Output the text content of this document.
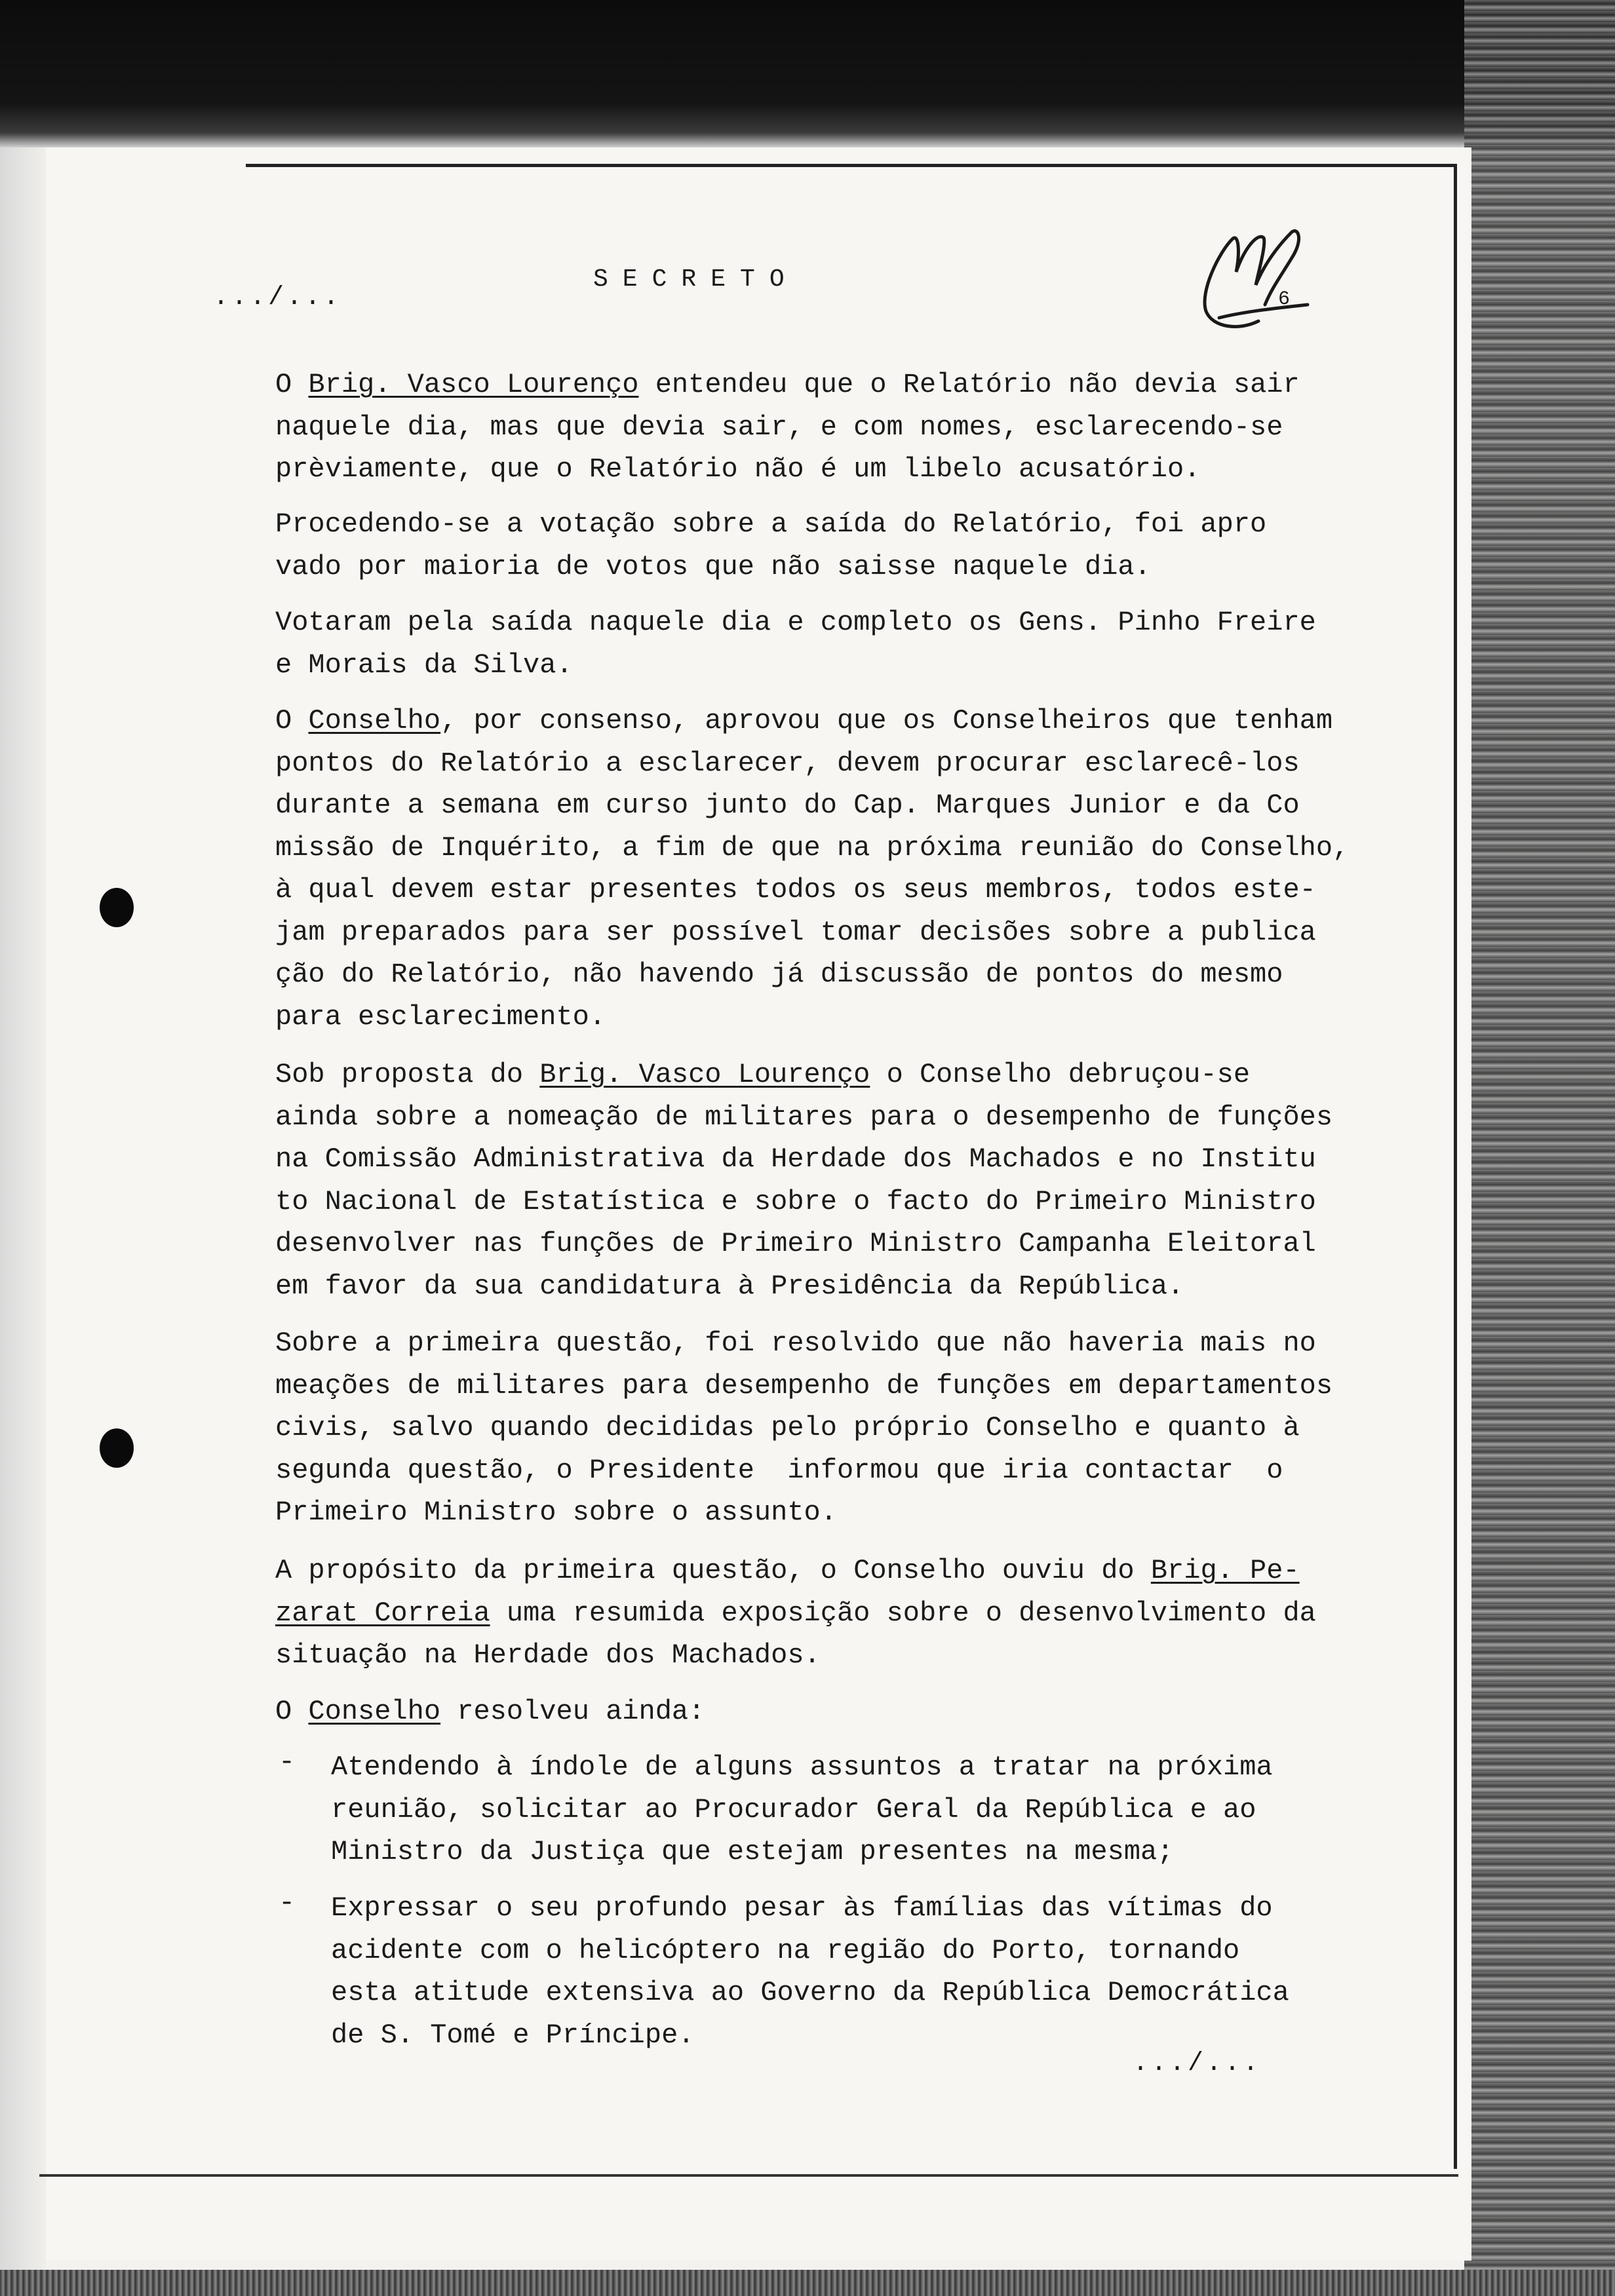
.../...
SECRETO
6
O Brig. Vasco Lourenço entendeu que o Relatório não devia sair
naquele dia, mas que devia sair, e com nomes, esclarecendo-se
prèviamente, que o Relatório não é um libelo acusatório.
Procedendo-se a votação sobre a saída do Relatório, foi apro
vado por maioria de votos que não saisse naquele dia.
Votaram pela saída naquele dia e completo os Gens. Pinho Freire
e Morais da Silva.
O Conselho, por consenso, aprovou que os Conselheiros que tenham
pontos do Relatório a esclarecer, devem procurar esclarecê-los
durante a semana em curso junto do Cap. Marques Junior e da Co
missão de Inquérito, a fim de que na próxima reunião do Conselho,
à qual devem estar presentes todos os seus membros, todos este-
jam preparados para ser possível tomar decisões sobre a publica
ção do Relatório, não havendo já discussão de pontos do mesmo
para esclarecimento.
Sob proposta do Brig. Vasco Lourenço o Conselho debruçou-se
ainda sobre a nomeação de militares para o desempenho de funções
na Comissão Administrativa da Herdade dos Machados e no Institu
to Nacional de Estatística e sobre o facto do Primeiro Ministro
desenvolver nas funções de Primeiro Ministro Campanha Eleitoral
em favor da sua candidatura à Presidência da República.
Sobre a primeira questão, foi resolvido que não haveria mais no
meações de militares para desempenho de funções em departamentos
civis, salvo quando decididas pelo próprio Conselho e quanto à
segunda questão, o Presidente  informou que iria contactar  o
Primeiro Ministro sobre o assunto.
A propósito da primeira questão, o Conselho ouviu do Brig. Pe-
zarat Correia uma resumida exposição sobre o desenvolvimento da
situação na Herdade dos Machados.
O Conselho resolveu ainda:
- Atendendo à índole de alguns assuntos a tratar na próxima
reunião, solicitar ao Procurador Geral da República e ao
Ministro da Justiça que estejam presentes na mesma;
- Expressar o seu profundo pesar às famílias das vítimas do
acidente com o helicóptero na região do Porto, tornando
esta atitude extensiva ao Governo da República Democrática
de S. Tomé e Príncipe.
.../...
